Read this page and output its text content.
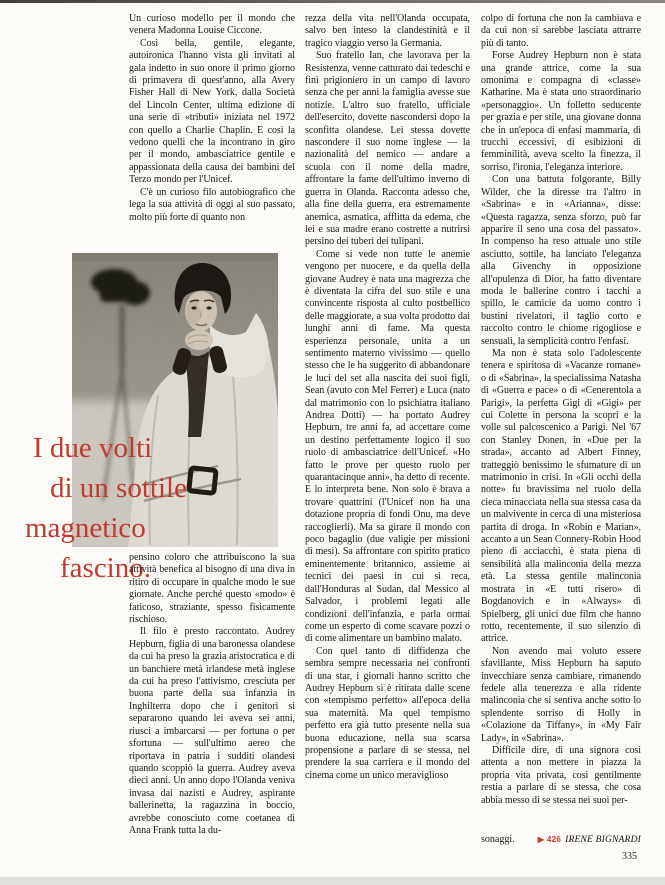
Un curioso modello per il mondo che venera Madonna Louise Ciccone.

Così bella, gentile, elegante, autoironica l'hanno vista gli invitati al gala indetto in suo onore il primo giorno di primavera di quest'anno, alla Avery Fisher Hall di New York, dalla Società del Lincoln Center, ultima edizione di una serie di «tributi» iniziata nel 1972 con quello a Charlie Chaplin. E così la vedono quelli che la incontrano in giro per il mondo, ambasciatrice gentile e appassionata della causa dei bambini del Terzo mondo per l'Unicef.

C'è un curioso filo autobiografico che lega la sua attività di oggi al suo passato, molto più forte di quanto non

I due volti
di un sottile
magnetico
fascino.

pensino coloro che attribuiscono la sua attività benefica al bisogno di una diva in ritiro di occupare in qualche modo le sue giornate. Anche perché questo «modo» è faticoso, straziante, spesso fisicamente rischioso.

Il filo è presto raccontato. Audrey Hepburn, figlia di una baronessa olandese da cui ha preso la grazia aristocratica e di un banchiere metà irlandese metà inglese da cui ha preso l'attivismo, cresciuta per buona parte della sua infanzia in Inghilterra dopo che i genitori si separarono quando lei aveva sei anni, riuscì a imbarcarsi — per fortuna o per sfortuna — sull'ultimo aereo che riportava in patria i sudditi olandesi quando scoppiò la guerra. Audrey aveva dieci anni. Un anno dopo l'Olanda veniva invasa dai nazisti e Audrey, aspirante ballerinetta, la ragazzina in boccio, avrebbe conosciuto come coetanea di Anna Frank tutta la du-

rezza della vita nell'Olanda occupata, salvo ben inteso la clandestinità e il tragico viaggio verso la Germania.

Suo fratello Ian, che lavorava per la Resistenza, venne catturato dai tedeschi e finì prigioniero in un campo di lavoro senza che per anni la famiglia avesse sue notizie. L'altro suo fratello, ufficiale dell'esercito, dovette nascondersi dopo la sconfitta olandese. Lei stessa dovette nascondere il suo nome inglese — la nazionalità del nemico — andare a scuola con il nome della madre, affrontare la fame dell'ultimo inverno di guerra in Olanda. Racconta adesso che, alla fine della guerra, era estremamente anemica, asmatica, afflitta da edema, che lei e sua madre erano costrette a nutrirsi persino dei tuberi dei tulipani.

Come si vede non tutte le anemie vengono per nuocere, e da quella della giovane Audrey è nata una magrezza che è diventata la cifra del suo stile e una convincente risposta al culto postbellico delle maggiorate, a sua volta prodotto dai lunghi anni di fame. Ma questa esperienza personale, unita a un sentimento materno vivissimo — quello stesso che le ha suggerito di abbandonare le luci del set alla nascita dei suoi figli, Sean (avuto con Mel Ferrer) e Luca (nato dal matrimonio con lo psichiatra italiano Andrea Dotti) — ha portato Audrey Hepburn, tre anni fa, ad accettare come un destino perfettamente logico il suo ruolo di ambasciatrice dell'Unicef. «Ho fatto le prove per questo ruolo per quarantacinque anni», ha detto di recente. E lo interpreta bene. Non solo è brava a trovare quattrini (l'Unicef non ha una dotazione propria di fondi Onu, ma deve raccoglierli). Ma sa girare il mondo con poco bagaglio (due valigie per missioni di mesi). Sa affrontare con spirito pratico eminentemente britannico, assieme ai tecnici dei paesi in cui si reca, dall'Honduras al Sudan, dal Messico al Salvador, i problemi legati alle condizioni dell'infanzia, e parla ormai come un esperto di come scavare pozzi o di come alimentare un bambino malato.

Con quel tanto di diffidenza che sembra sempre necessaria nei confronti di una star, i giornali hanno scritto che Audrey Hepburn si è ritirata dalle scene con «tempismo perfetto» all'epoca della sua maternità. Ma quel tempismo perfetto era già tutto presente nella sua buona educazione, nella sua scarsa propensione a parlare di se stessa, nel prendere la sua carriera e il mondo del cinema come un unico meraviglioso

colpo di fortuna che non la cambiava e da cui non si sarebbe lasciata attrarre più di tanto.

Forse Audrey Hepburn non è stata una grande attrice, come la sua omonima e compagna di «classe» Katharine. Ma è stata uno straordinario «personaggio». Un folletto seducente per grazia e per stile, una giovane donna che in un'epoca di enfasi mammaria, di trucchi eccessivi, di esibizioni di femminilità, aveva scelto la finezza, il sorriso, l'ironia, l'eleganza interiore.

Con una battuta folgorante, Billy Wilder, che la diresse tra l'altro in «Sabrina» e in «Arianna», disse: «Questa ragazza, senza sforzo, può far apparire il seno una cosa del passato». In compenso ha reso attuale uno stile asciutto, sottile, ha lanciato l'eleganza alla Givenchy in opposizione all'opulenza di Dior, ha fatto diventare moda le ballerine contro i tacchi a spillo, le camicie da uomo contro i bustini rivelatori, il taglio corto e raccolto contro le chiome rigogliose e sensuali, la semplicità contro l'enfasi.

Ma non è stata solo l'adolescente tenera e spiritosa di «Vacanze romane» o di «Sabrina», la specialissima Natasha di «Guerra e pace» o di «Cenerentola a Parigi», la perfetta Gigi di «Gigi» per cui Colette in persona la scoprì e la volle sul palcoscenico a Parigi. Nel '67 con Stanley Donen, in «Due per la strada», accanto ad Albert Finney, tratteggiò benissimo le sfumature di un matrimonio in crisi. In «Gli occhi della notte» fu bravissima nel ruolo della cieca minacciata nella sua stessa casa da un malvivente in cerca di una misteriosa partita di droga. In «Robin e Marian», accanto a un Sean Connery-Robin Hood pieno di acciacchi, è stata piena di sensibilità alla malinconia della mezza età. La stessa gentile malinconia mostrata in «E tutti risero» di Bogdanovich e in «Always» di Spielberg, gli unici due film che hanno rotto, recentemente, il suo silenzio di attrice.

Non avendo mai voluto essere sfavillante, Miss Hepburn ha saputo invecchiare senza cambiare, rimanendo fedele alla tenerezza e alla ridente malinconia che si sentiva anche sotto lo splendente sorriso di Holly in «Colazione da Tiffany», in «My Fair Lady», in «Sabrina».

Difficile dire, di una signora così attenta a non mettere in piazza la propria vita privata, così gentilmente restia a parlare di se stessa, che cosa abbia messo di se stessa nei suoi per-

sonaggi.	▶ 426 IRENE BIGNARDI
335
